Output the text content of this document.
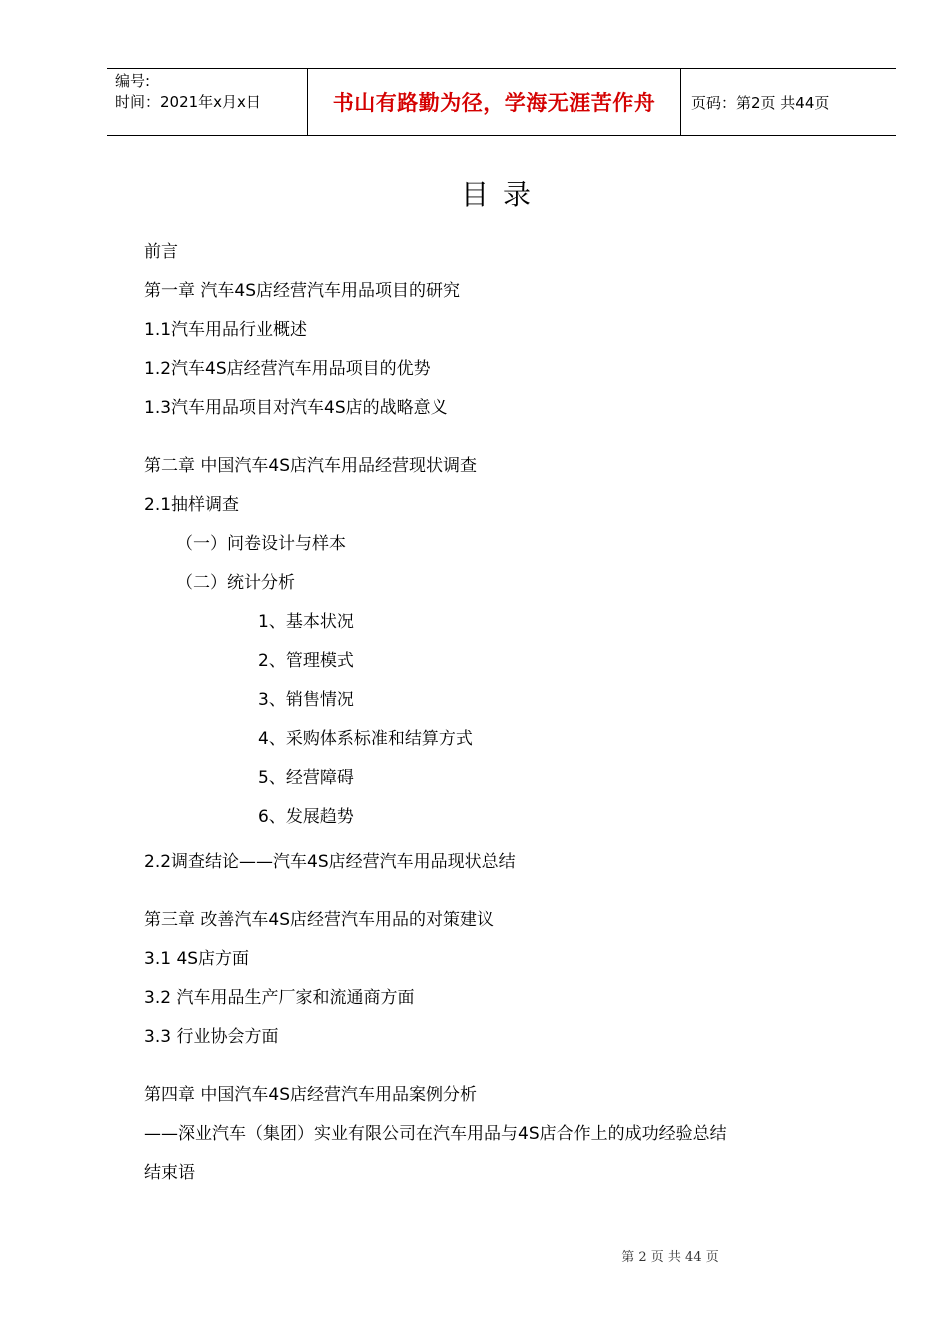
编号:
时间：2021年x月x日	书山有路勤为径，学海无涯苦作舟	页码：第2页 共44页
目录
前言
第一章 汽车4S店经营汽车用品项目的研究
1.1汽车用品行业概述
1.2汽车4S店经营汽车用品项目的优势
1.3汽车用品项目对汽车4S店的战略意义
第二章 中国汽车4S店汽车用品经营现状调查
2.1抽样调查
（一）问卷设计与样本
（二）统计分析
1、基本状况
2、管理模式
3、销售情况
4、采购体系标准和结算方式
5、经营障碍
6、发展趋势
2.2调查结论——汽车4S店经营汽车用品现状总结
第三章 改善汽车4S店经营汽车用品的对策建议
3.1 4S店方面
3.2 汽车用品生产厂家和流通商方面
3.3 行业协会方面
第四章 中国汽车4S店经营汽车用品案例分析
——深业汽车（集团）实业有限公司在汽车用品与4S店合作上的成功经验总结
结束语
第 2 页 共 44 页
